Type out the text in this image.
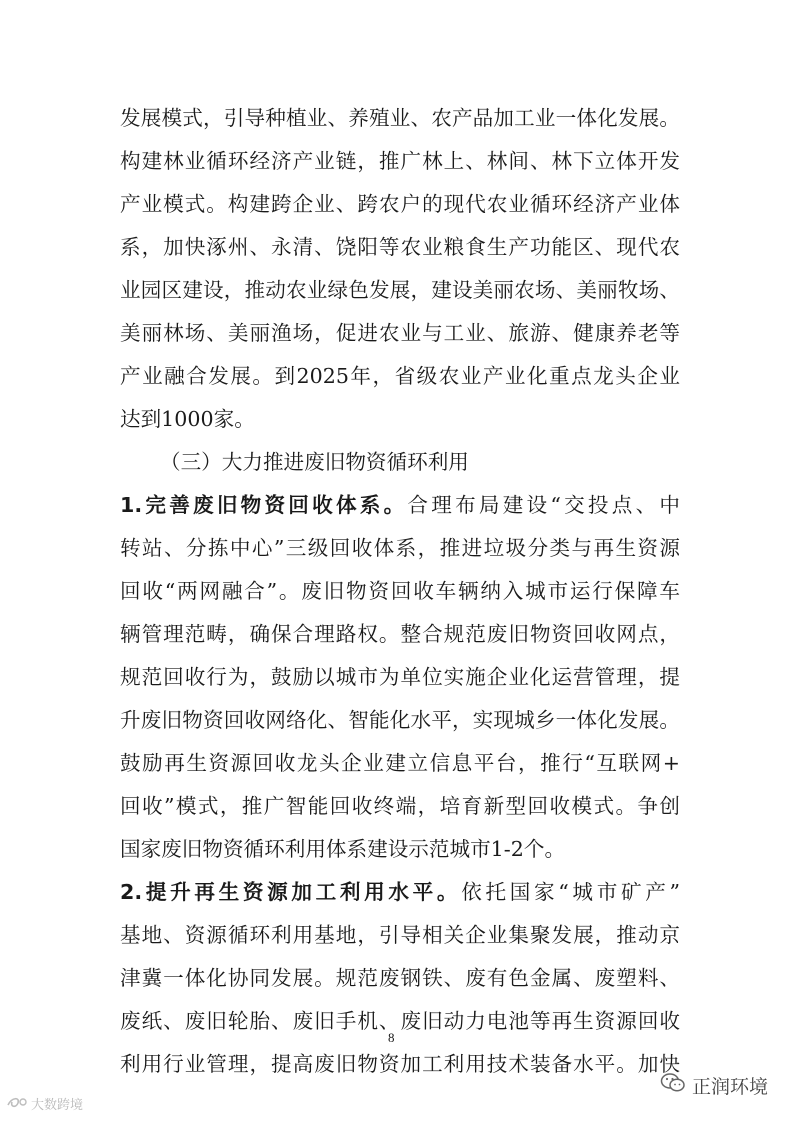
发展模式，引导种植业、养殖业、农产品加工业一体化发展。
构建林业循环经济产业链，推广林上、林间、林下立体开发
产业模式。构建跨企业、跨农户的现代农业循环经济产业体
系，加快涿州、永清、饶阳等农业粮食生产功能区、现代农
业园区建设，推动农业绿色发展，建设美丽农场、美丽牧场、
美丽林场、美丽渔场，促进农业与工业、旅游、健康养老等
产业融合发展。到2025年，省级农业产业化重点龙头企业
达到1000家。
（三）大力推进废旧物资循环利用
1.完善废旧物资回收体系。合理布局建设“交投点、中
转站、分拣中心”三级回收体系，推进垃圾分类与再生资源
回收“两网融合”。废旧物资回收车辆纳入城市运行保障车
辆管理范畴，确保合理路权。整合规范废旧物资回收网点，
规范回收行为，鼓励以城市为单位实施企业化运营管理，提
升废旧物资回收网络化、智能化水平，实现城乡一体化发展。
鼓励再生资源回收龙头企业建立信息平台，推行“互联网+
回收”模式，推广智能回收终端，培育新型回收模式。争创
国家废旧物资循环利用体系建设示范城市1-2个。
2.提升再生资源加工利用水平。依托国家“城市矿产”
基地、资源循环利用基地，引导相关企业集聚发展，推动京
津冀一体化协同发展。规范废钢铁、废有色金属、废塑料、
废纸、废旧轮胎、废旧手机、废旧动力电池等再生资源回收
利用行业管理，提高废旧物资加工利用技术装备水平。加快
8
大数跨境
正润环境
